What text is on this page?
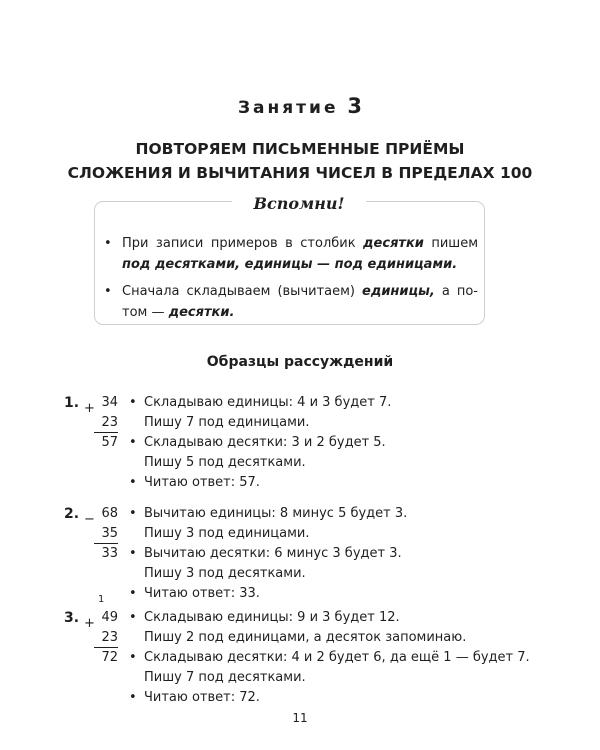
Занятие 3
ПОВТОРЯЕМ ПИСЬМЕННЫЕ ПРИЁМЫ
СЛОЖЕНИЯ И ВЫЧИТАНИЯ ЧИСЕЛ В ПРЕДЕЛАХ 100
Вспомни!
• При записи примеров в столбик десятки пишем под десятками, единицы — под единицами.
• Сначала складываем (вычитаем) единицы, а потом — десятки.
Образцы рассуждений
1. + 34
23
57
• Складываю единицы: 4 и 3 будет 7.
Пишу 7 под единицами.
• Складываю десятки: 3 и 2 будет 5.
Пишу 5 под десятками.
• Читаю ответ: 57.
2. − 68
35
33
• Вычитаю единицы: 8 минус 5 будет 3.
Пишу 3 под единицами.
• Вычитаю десятки: 6 минус 3 будет 3.
Пишу 3 под десятками.
• Читаю ответ: 33.
3. +
1
49
23
72
• Складываю единицы: 9 и 3 будет 12.
Пишу 2 под единицами, а десяток запоминаю.
• Складываю десятки: 4 и 2 будет 6, да ещё 1 — будет 7.
Пишу 7 под десятками.
• Читаю ответ: 72.
11
